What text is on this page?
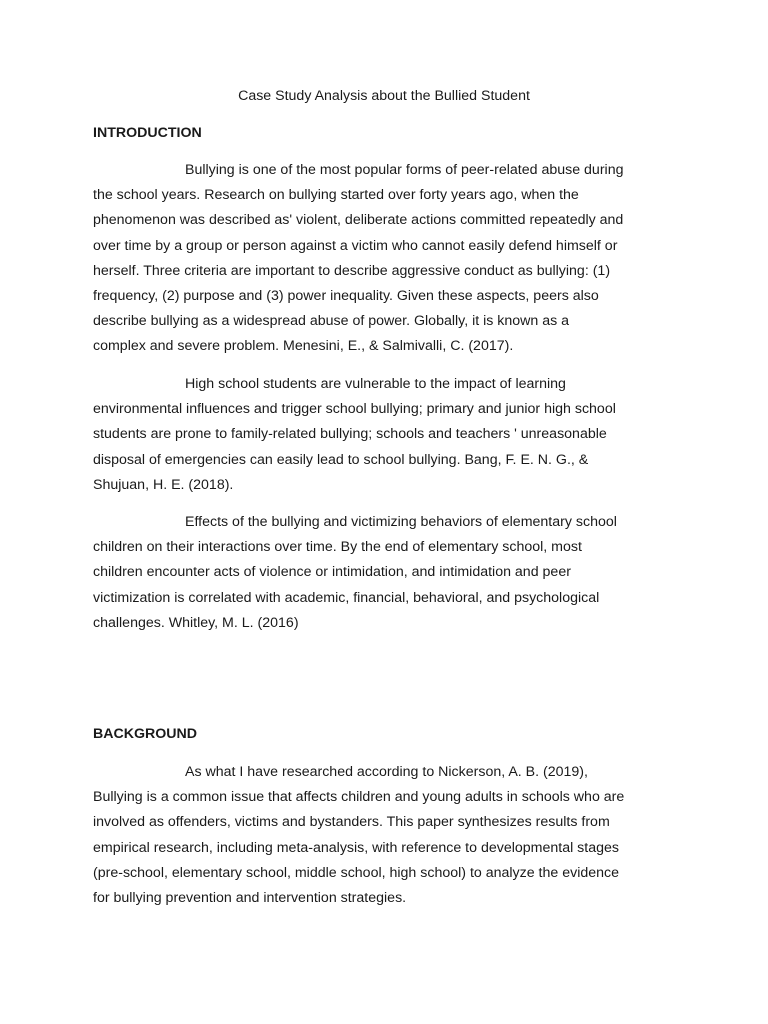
Case Study Analysis about the Bullied Student
INTRODUCTION

Bullying is one of the most popular forms of peer-related abuse during
the school years. Research on bullying started over forty years ago, when the
phenomenon was described as' violent, deliberate actions committed repeatedly and
over time by a group or person against a victim who cannot easily defend himself or
herself. Three criteria are important to describe aggressive conduct as bullying: (1)
frequency, (2) purpose and (3) power inequality. Given these aspects, peers also
describe bullying as a widespread abuse of power. Globally, it is known as a
complex and severe problem. Menesini, E., & Salmivalli, C. (2017).

High school students are vulnerable to the impact of learning
environmental influences and trigger school bullying; primary and junior high school
students are prone to family-related bullying; schools and teachers ' unreasonable
disposal of emergencies can easily lead to school bullying. Bang, F. E. N. G., &
Shujuan, H. E. (2018).

Effects of the bullying and victimizing behaviors of elementary school
children on their interactions over time. By the end of elementary school, most
children encounter acts of violence or intimidation, and intimidation and peer
victimization is correlated with academic, financial, behavioral, and psychological
challenges. Whitley, M. L. (2016)

BACKGROUND

As what I have researched according to Nickerson, A. B. (2019),
Bullying is a common issue that affects children and young adults in schools who are
involved as offenders, victims and bystanders. This paper synthesizes results from
empirical research, including meta-analysis, with reference to developmental stages
(pre-school, elementary school, middle school, high school) to analyze the evidence
for bullying prevention and intervention strategies.
